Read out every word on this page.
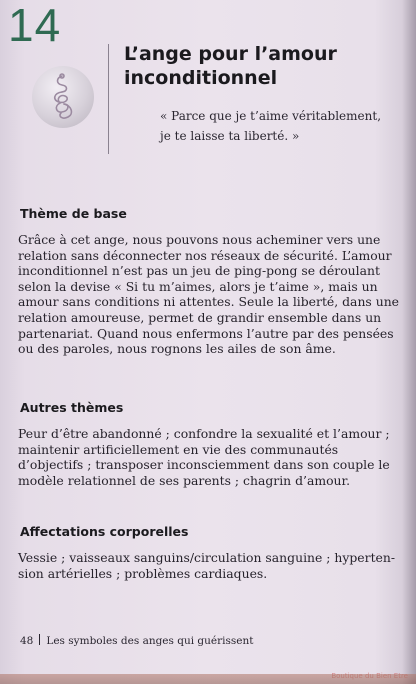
14
L’ange pour l’amour inconditionnel
« Parce que je t’aime véritablement,
je te laisse ta liberté. »
Thème de base
Grâce à cet ange, nous pouvons nous acheminer vers une
relation sans déconnecter nos réseaux de sécurité. L’amour
inconditionnel n’est pas un jeu de ping-pong se déroulant
selon la devise « Si tu m’aimes, alors je t’aime », mais un
amour sans conditions ni attentes. Seule la liberté, dans une
relation amoureuse, permet de grandir ensemble dans un
partenariat. Quand nous enfermons l’autre par des pensées
ou des paroles, nous rognons les ailes de son âme.
Autres thèmes
Peur d’être abandonné ; confondre la sexualité et l’amour ;
maintenir artificiellement en vie des communautés
d’objectifs ; transposer inconsciemment dans son couple le
modèle relationnel de ses parents ; chagrin d’amour.
Affectations corporelles
Vessie ; vaisseaux sanguins/circulation sanguine ; hyperten-
sion artérielles ; problèmes cardiaques.
48 Les symboles des anges qui guérissent
